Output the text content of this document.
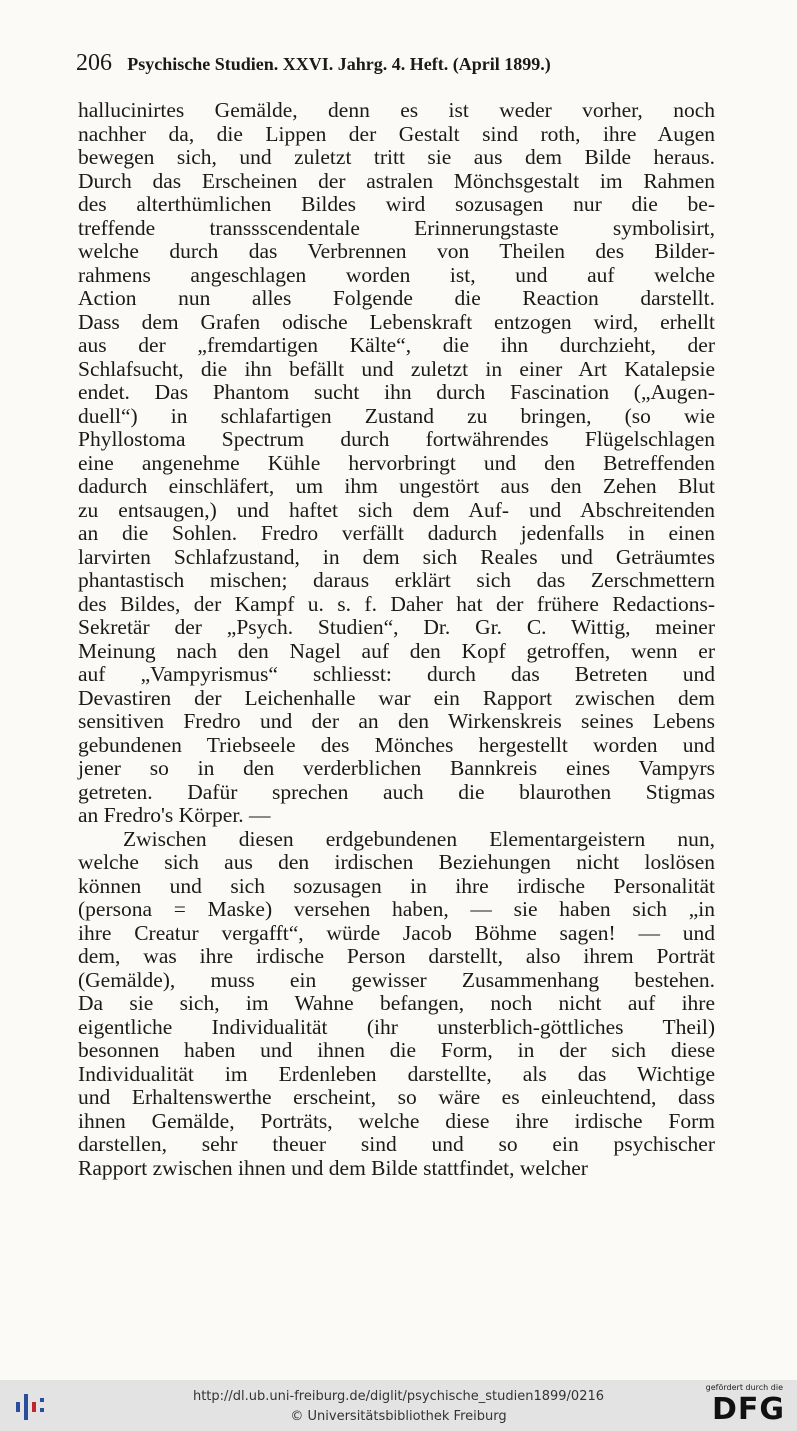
206 Psychische Studien. XXVI. Jahrg. 4. Heft. (April 1899.)
hallucinirtes Gemälde, denn es ist weder vorher, noch
nachher da, die Lippen der Gestalt sind roth, ihre Augen
bewegen sich, und zuletzt tritt sie aus dem Bilde heraus.
Durch das Erscheinen der astralen Mönchsgestalt im Rahmen
des alterthümlichen Bildes wird sozusagen nur die be-
treffende transsscendentale Erinnerungstaste symbolisirt,
welche durch das Verbrennen von Theilen des Bilder-
rahmens angeschlagen worden ist, und auf welche
Action nun alles Folgende die Reaction darstellt.
Dass dem Grafen odische Lebenskraft entzogen wird, erhellt
aus der „fremdartigen Kälte“, die ihn durchzieht, der
Schlafsucht, die ihn befällt und zuletzt in einer Art Katalepsie
endet. Das Phantom sucht ihn durch Fascination („Augen-
duell“) in schlafartigen Zustand zu bringen, (so wie
Phyllostoma Spectrum durch fortwährendes Flügelschlagen
eine angenehme Kühle hervorbringt und den Betreffenden
dadurch einschläfert, um ihm ungestört aus den Zehen Blut
zu entsaugen,) und haftet sich dem Auf- und Abschreitenden
an die Sohlen. Fredro verfällt dadurch jedenfalls in einen
larvirten Schlafzustand, in dem sich Reales und Geträumtes
phantastisch mischen; daraus erklärt sich das Zerschmettern
des Bildes, der Kampf u. s. f. Daher hat der frühere Redactions-
Sekretär der „Psych. Studien“, Dr. Gr. C. Wittig, meiner
Meinung nach den Nagel auf den Kopf getroffen, wenn er
auf „Vampyrismus“ schliesst: durch das Betreten und
Devastiren der Leichenhalle war ein Rapport zwischen dem
sensitiven Fredro und der an den Wirkenskreis seines Lebens
gebundenen Triebseele des Mönches hergestellt worden und
jener so in den verderblichen Bannkreis eines Vampyrs
getreten. Dafür sprechen auch die blaurothen Stigmas
an Fredro's Körper. —
Zwischen diesen erdgebundenen Elementargeistern nun,
welche sich aus den irdischen Beziehungen nicht loslösen
können und sich sozusagen in ihre irdische Personalität
(persona = Maske) versehen haben, — sie haben sich „in
ihre Creatur vergafft“, würde Jacob Böhme sagen! — und
dem, was ihre irdische Person darstellt, also ihrem Porträt
(Gemälde), muss ein gewisser Zusammenhang bestehen.
Da sie sich, im Wahne befangen, noch nicht auf ihre
eigentliche Individualität (ihr unsterblich-göttliches Theil)
besonnen haben und ihnen die Form, in der sich diese
Individualität im Erdenleben darstellte, als das Wichtige
und Erhaltenswerthe erscheint, so wäre es einleuchtend, dass
ihnen Gemälde, Porträts, welche diese ihre irdische Form
darstellen, sehr theuer sind und so ein psychischer
Rapport zwischen ihnen und dem Bilde stattfindet, welcher
http://dl.ub.uni-freiburg.de/diglit/psychische_studien1899/0216
© Universitätsbibliothek Freiburg
gefördert durch die
DFG
